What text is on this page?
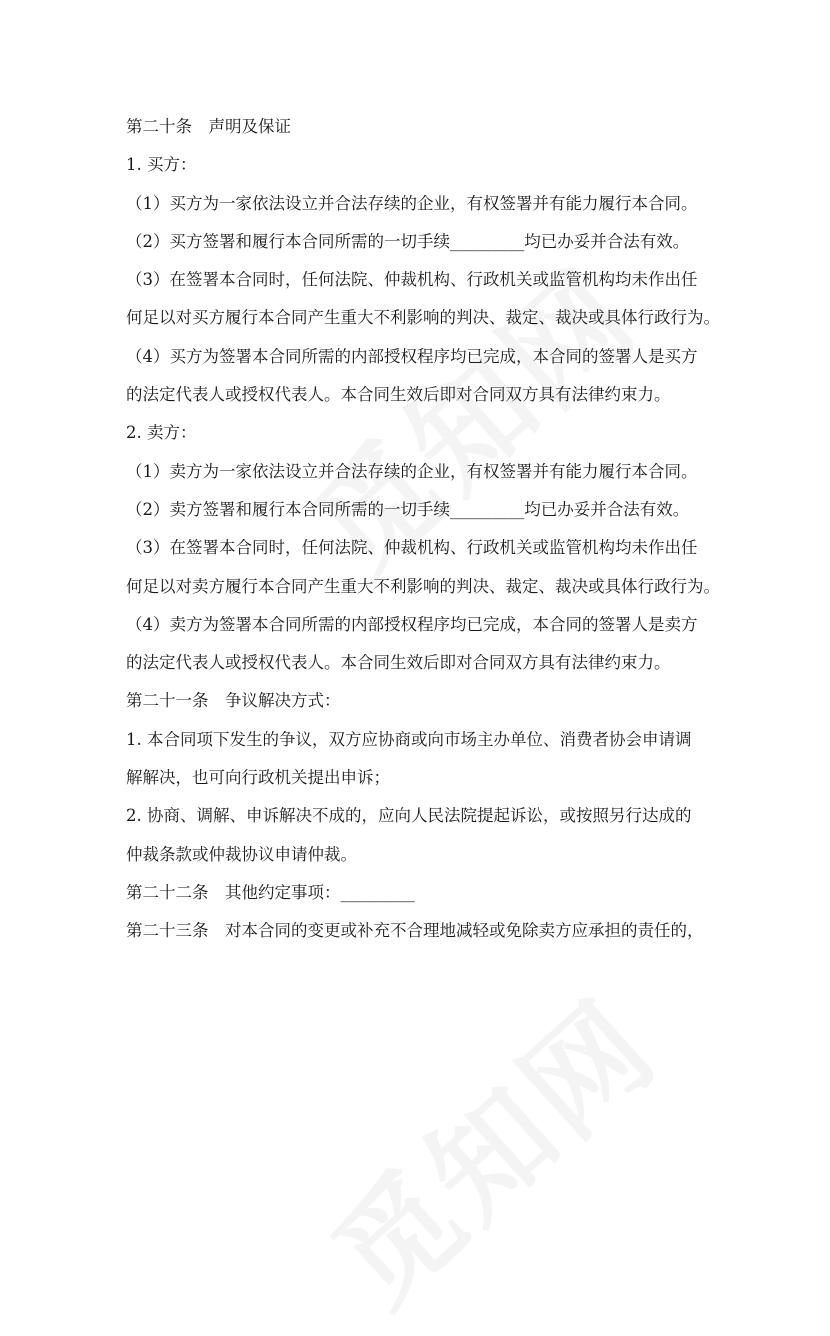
第二十条　声明及保证
1. 买方：
（1）买方为一家依法设立并合法存续的企业，有权签署并有能力履行本合同。
（2）买方签署和履行本合同所需的一切手续_________均已办妥并合法有效。
（3）在签署本合同时，任何法院、仲裁机构、行政机关或监管机构均未作出任
何足以对买方履行本合同产生重大不利影响的判决、裁定、裁决或具体行政行为。
（4）买方为签署本合同所需的内部授权程序均已完成，本合同的签署人是买方
的法定代表人或授权代表人。本合同生效后即对合同双方具有法律约束力。
2. 卖方：
（1）卖方为一家依法设立并合法存续的企业，有权签署并有能力履行本合同。
（2）卖方签署和履行本合同所需的一切手续_________均已办妥并合法有效。
（3）在签署本合同时，任何法院、仲裁机构、行政机关或监管机构均未作出任
何足以对卖方履行本合同产生重大不利影响的判决、裁定、裁决或具体行政行为。
（4）卖方为签署本合同所需的内部授权程序均已完成，本合同的签署人是卖方
的法定代表人或授权代表人。本合同生效后即对合同双方具有法律约束力。
第二十一条　争议解决方式：
1. 本合同项下发生的争议，双方应协商或向市场主办单位、消费者协会申请调
解解决，也可向行政机关提出申诉；
2. 协商、调解、申诉解决不成的，应向人民法院提起诉讼，或按照另行达成的
仲裁条款或仲裁协议申请仲裁。
第二十二条　其他约定事项：_________
第二十三条　对本合同的变更或补充不合理地减轻或免除卖方应承担的责任的，
